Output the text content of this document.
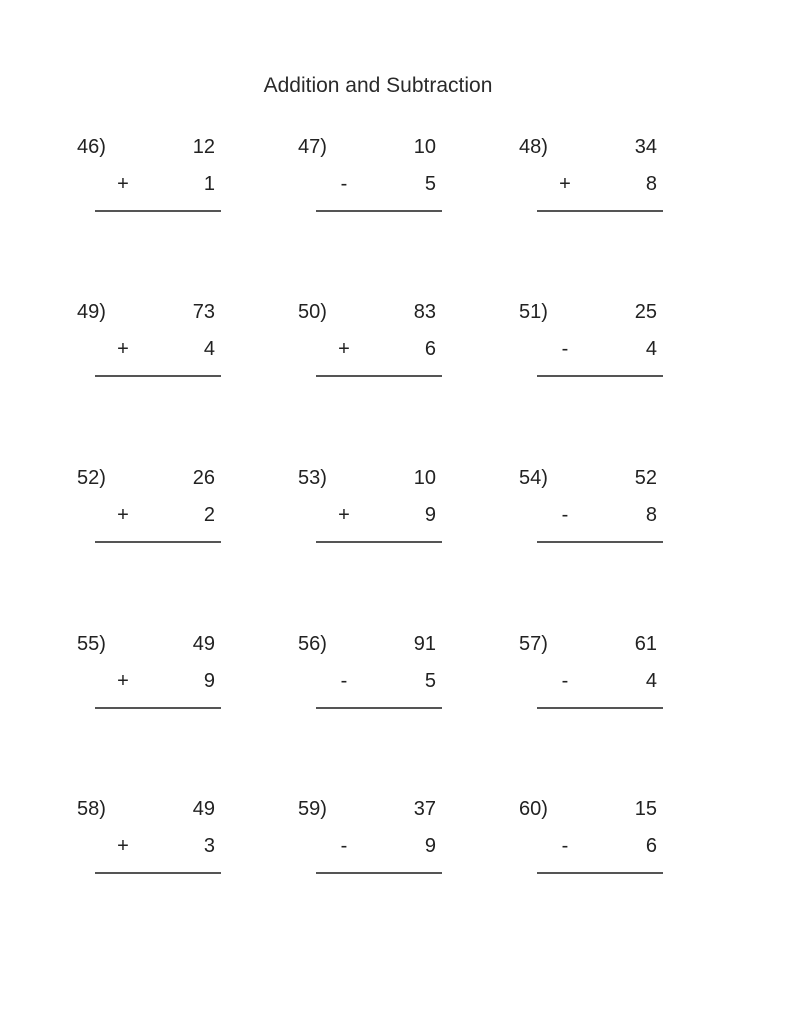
Addition and Subtraction
46)	12
+	1
47)	10
-	5
48)	34
+	8
49)	73
+	4
50)	83
+	6
51)	25
-	4
52)	26
+	2
53)	10
+	9
54)	52
-	8
55)	49
+	9
56)	91
-	5
57)	61
-	4
58)	49
+	3
59)	37
-	9
60)	15
-	6
